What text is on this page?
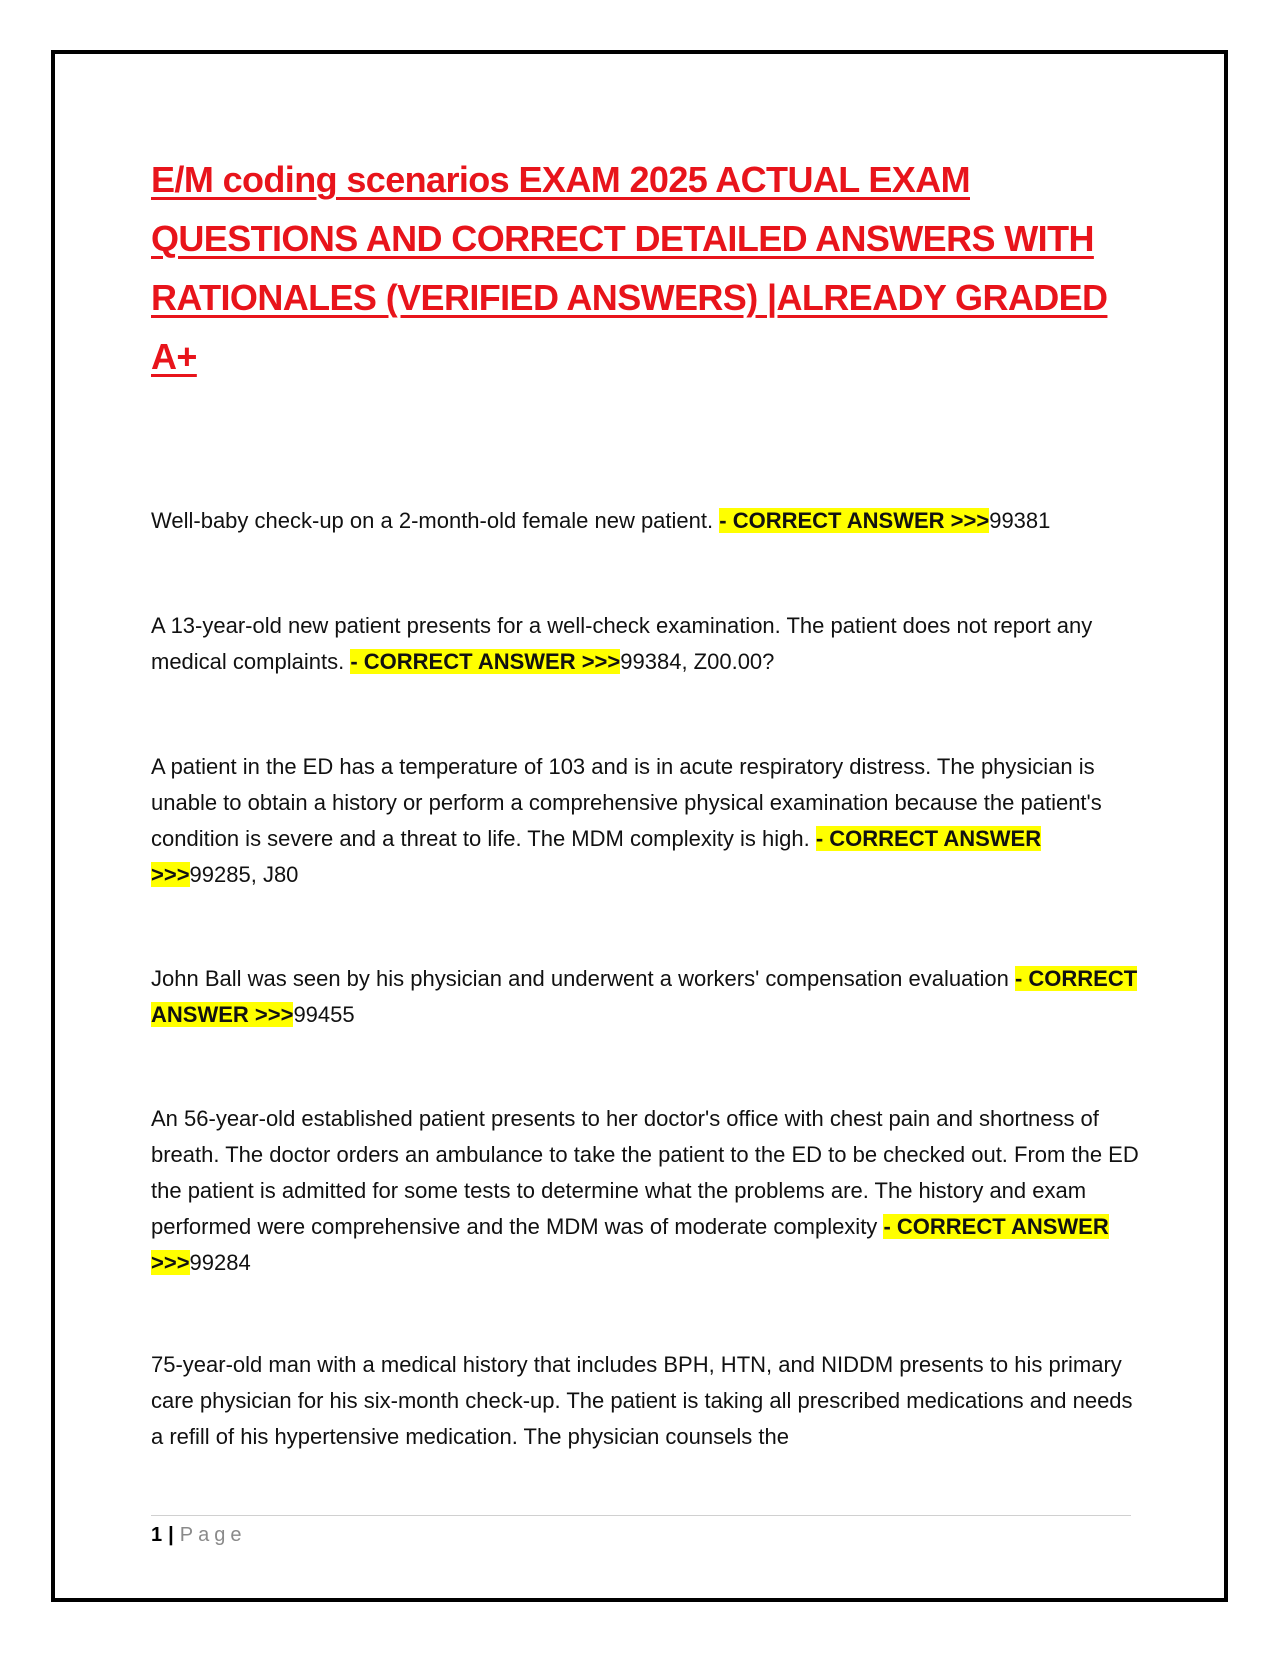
E/M coding scenarios EXAM 2025 ACTUAL EXAM QUESTIONS AND CORRECT DETAILED ANSWERS WITH RATIONALES (VERIFIED ANSWERS) |ALREADY GRADED A+

Well-baby check-up on a 2-month-old female new patient. - CORRECT ANSWER >>>99381

A 13-year-old new patient presents for a well-check examination. The patient does not report any medical complaints. - CORRECT ANSWER >>>99384, Z00.00?

A patient in the ED has a temperature of 103 and is in acute respiratory distress. The physician is unable to obtain a history or perform a comprehensive physical examination because the patient's condition is severe and a threat to life. The MDM complexity is high. - CORRECT ANSWER >>>99285, J80

John Ball was seen by his physician and underwent a workers' compensation evaluation - CORRECT ANSWER >>>99455

An 56-year-old established patient presents to her doctor's office with chest pain and shortness of breath. The doctor orders an ambulance to take the patient to the ED to be checked out. From the ED the patient is admitted for some tests to determine what the problems are. The history and exam performed were comprehensive and the MDM was of moderate complexity - CORRECT ANSWER >>>99284

75-year-old man with a medical history that includes BPH, HTN, and NIDDM presents to his primary care physician for his six-month check-up. The patient is taking all prescribed medications and needs a refill of his hypertensive medication. The physician counsels the

1 | Page
